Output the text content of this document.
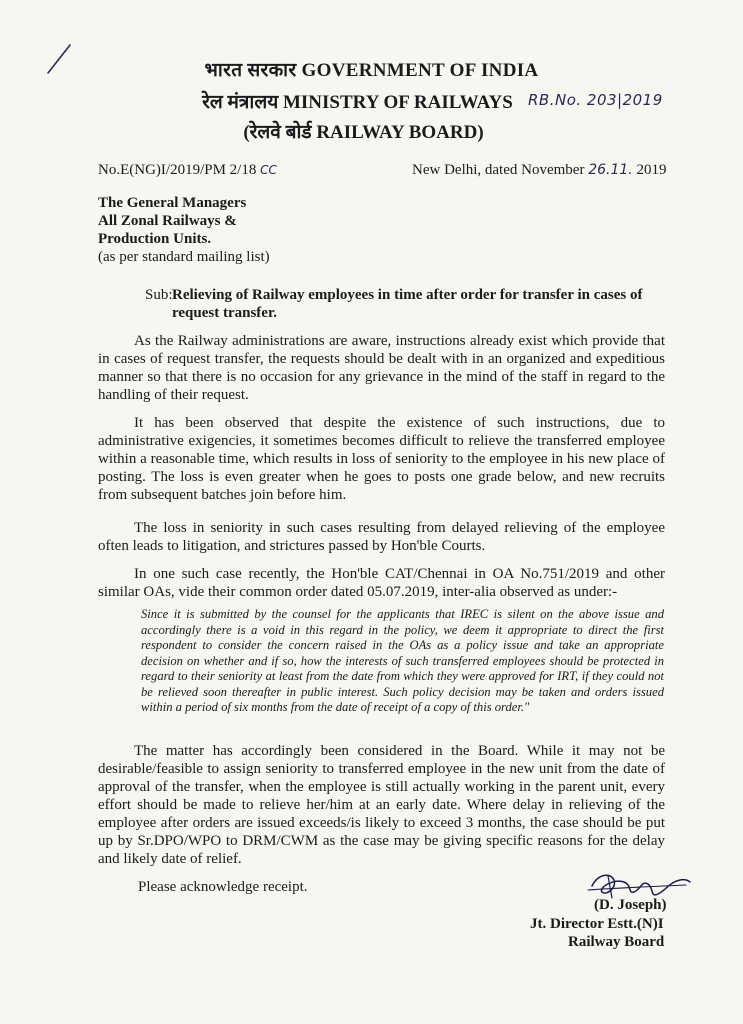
भारत सरकार GOVERNMENT OF INDIA
रेल मंत्रालय MINISTRY OF RAILWAYS	RB.No. 203|2019
(रेलवे बोर्ड RAILWAY BOARD)
No.E(NG)I/2019/PM 2/18 CC	New Delhi, dated November 26.11. 2019
The General Managers
All Zonal Railways &
Production Units.
(as per standard mailing list)
Sub: Relieving of Railway employees in time after order for transfer in cases of request transfer.
As the Railway administrations are aware, instructions already exist which provide that in cases of request transfer, the requests should be dealt with in an organized and expeditious manner so that there is no occasion for any grievance in the mind of the staff in regard to the handling of their request.
It has been observed that despite the existence of such instructions, due to administrative exigencies, it sometimes becomes difficult to relieve the transferred employee within a reasonable time, which results in loss of seniority to the employee in his new place of posting. The loss is even greater when he goes to posts one grade below, and new recruits from subsequent batches join before him.
The loss in seniority in such cases resulting from delayed relieving of the employee often leads to litigation, and strictures passed by Hon'ble Courts.
In one such case recently, the Hon'ble CAT/Chennai in OA No.751/2019 and other similar OAs, vide their common order dated 05.07.2019, inter-alia observed as under:-
Since it is submitted by the counsel for the applicants that IREC is silent on the above issue and accordingly there is a void in this regard in the policy, we deem it appropriate to direct the first respondent to consider the concern raised in the OAs as a policy issue and take an appropriate decision on whether and if so, how the interests of such transferred employees should be protected in regard to their seniority at least from the date from which they were approved for IRT, if they could not be relieved soon thereafter in public interest. Such policy decision may be taken and orders issued within a period of six months from the date of receipt of a copy of this order."
The matter has accordingly been considered in the Board. While it may not be desirable/feasible to assign seniority to transferred employee in the new unit from the date of approval of the transfer, when the employee is still actually working in the parent unit, every effort should be made to relieve her/him at an early date. Where delay in relieving of the employee after orders are issued exceeds/is likely to exceed 3 months, the case should be put up by Sr.DPO/WPO to DRM/CWM as the case may be giving specific reasons for the delay and likely date of relief.
Please acknowledge receipt.
(D. Joseph)
Jt. Director Estt.(N)I
Railway Board
